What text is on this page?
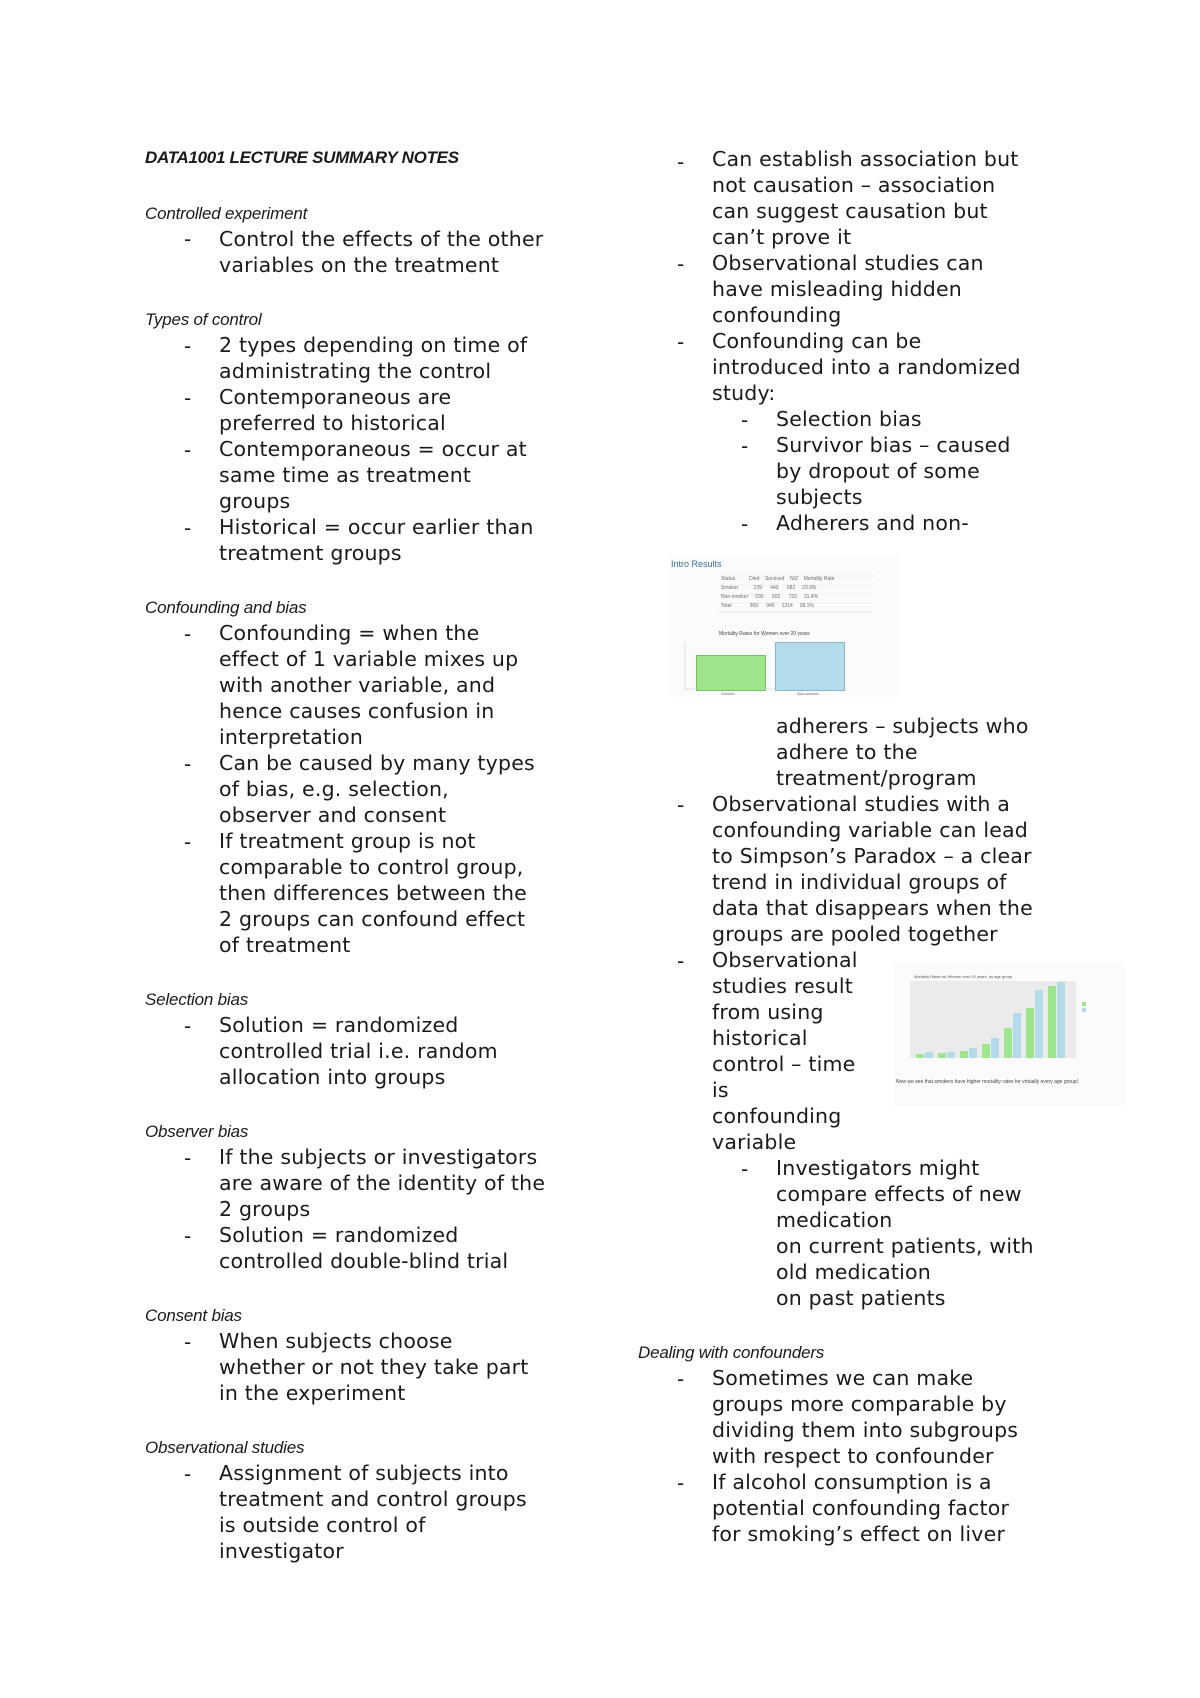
DATA1001 LECTURE SUMMARY NOTES
Controlled experiment
- Control the effects of the other
variables on the treatment
Types of control
- 2 types depending on time of
administrating the control
- Contemporaneous are
preferred to historical
- Contemporaneous = occur at
same time as treatment
groups
- Historical = occur earlier than
treatment groups
Confounding and bias
- Confounding = when the
effect of 1 variable mixes up
with another variable, and
hence causes confusion in
interpretation
- Can be caused by many types
of bias, e.g. selection,
observer and consent
- If treatment group is not
comparable to control group,
then differences between the
2 groups can confound effect
of treatment
Selection bias
- Solution = randomized
controlled trial i.e. random
allocation into groups
Observer bias
- If the subjects or investigators
are aware of the identity of the
2 groups
- Solution = randomized
controlled double-blind trial
Consent bias
- When subjects choose
whether or not they take part
in the experiment
Observational studies
- Assignment of subjects into
treatment and control groups
is outside control of
investigator
- Can establish association but
not causation – association
can suggest causation but
can’t prove it
- Observational studies can
have misleading hidden
confounding
- Confounding can be
introduced into a randomized
study:
- Selection bias
- Survivor bias – caused
by dropout of some
subjects
- Adherers and non-
Intro Results
Status	Died Survived N/Z Mortality Rate
Smoker	139 443 582 23.9%
Non-smoker 230 502 732 31.4%
Total	369 945 1314 28.1%
Mortality Rates for Women over 20 years
Smoker	Non-smoker
adherers – subjects who
adhere to the
treatment/program
- Observational studies with a
confounding variable can lead
to Simpson’s Paradox – a clear
trend in individual groups of
data that disappears when the
groups are pooled together
- Observational
studies result
from using
historical
control – time
is
confounding
variable
Mortality Rates for Women over 20 years, by age group
Now we see that smokers have higher mortality rates for virtually every age group!
- Investigators might
compare effects of new
medication
on current patients, with
old medication
on past patients
Dealing with confounders
- Sometimes we can make
groups more comparable by
dividing them into subgroups
with respect to confounder
- If alcohol consumption is a
potential confounding factor
for smoking’s effect on liver
